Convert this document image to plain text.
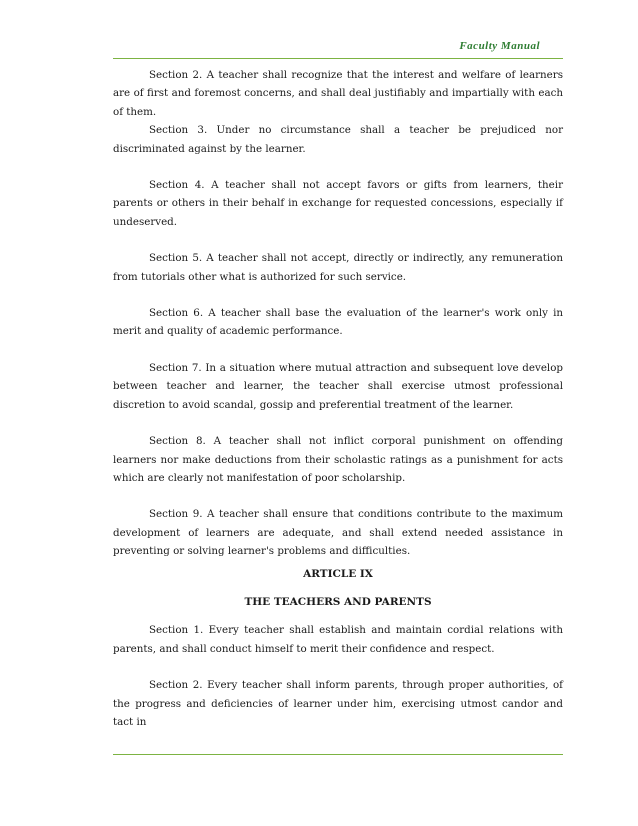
Faculty Manual

Section 2. A teacher shall recognize that the interest and welfare of learners are of first and foremost concerns, and shall deal justifiably and impartially with each of them.

Section 3. Under no circumstance shall a teacher be prejudiced nor discriminated against by the learner.

Section 4. A teacher shall not accept favors or gifts from learners, their parents or others in their behalf in exchange for requested concessions, especially if undeserved.

Section 5. A teacher shall not accept, directly or indirectly, any remuneration from tutorials other what is authorized for such service.

Section 6. A teacher shall base the evaluation of the learner's work only in merit and quality of academic performance.

Section 7. In a situation where mutual attraction and subsequent love develop between teacher and learner, the teacher shall exercise utmost professional discretion to avoid scandal, gossip and preferential treatment of the learner.

Section 8. A teacher shall not inflict corporal punishment on offending learners nor make deductions from their scholastic ratings as a punishment for acts which are clearly not manifestation of poor scholarship.

Section 9. A teacher shall ensure that conditions contribute to the maximum development of learners are adequate, and shall extend needed assistance in preventing or solving learner's problems and difficulties.

ARTICLE IX

THE TEACHERS AND PARENTS

Section 1. Every teacher shall establish and maintain cordial relations with parents, and shall conduct himself to merit their confidence and respect.

Section 2. Every teacher shall inform parents, through proper authorities, of the progress and deficiencies of learner under him, exercising utmost candor and tact in
